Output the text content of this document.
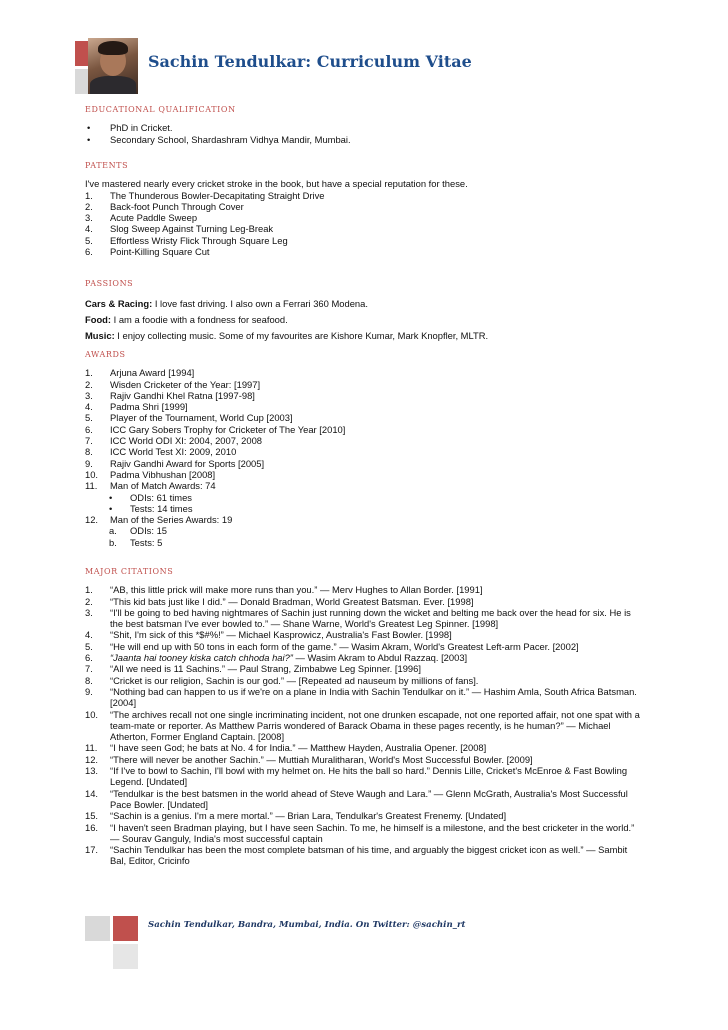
Sachin Tendulkar: Curriculum Vitae
EDUCATIONAL QUALIFICATION
• PhD in Cricket.
• Secondary School, Shardashram Vidhya Mandir, Mumbai.
PATENTS
I've mastered nearly every cricket stroke in the book, but have a special reputation for these.
1. The Thunderous Bowler-Decapitating Straight Drive
2. Back-foot Punch Through Cover
3. Acute Paddle Sweep
4. Slog Sweep Against Turning Leg-Break
5. Effortless Wristy Flick Through Square Leg
6. Point-Killing Square Cut
PASSIONS
Cars & Racing: I love fast driving. I also own a Ferrari 360 Modena.
Food: I am a foodie with a fondness for seafood.
Music: I enjoy collecting music. Some of my favourites are Kishore Kumar, Mark Knopfler, MLTR.
AWARDS
1. Arjuna Award [1994]
2. Wisden Cricketer of the Year: [1997]
3. Rajiv Gandhi Khel Ratna [1997-98]
4. Padma Shri [1999]
5. Player of the Tournament, World Cup [2003]
6. ICC Gary Sobers Trophy for Cricketer of The Year [2010]
7. ICC World ODI XI: 2004, 2007, 2008
8. ICC World Test XI: 2009, 2010
9. Rajiv Gandhi Award for Sports [2005]
10. Padma Vibhushan [2008]
11. Man of Match Awards: 74
• ODIs: 61 times
• Tests: 14 times
12. Man of the Series Awards: 19
a. ODIs: 15
b. Tests: 5
MAJOR CITATIONS
1. “AB, this little prick will make more runs than you.” — Merv Hughes to Allan Border. [1991]
2. “This kid bats just like I did.” — Donald Bradman, World Greatest Batsman. Ever. [1998]
3. “I'll be going to bed having nightmares of Sachin just running down the wicket and belting me back over the head for six. He is the best batsman I've ever bowled to.” — Shane Warne, World's Greatest Leg Spinner. [1998]
4. “Shit, I'm sick of this *$#%!” — Michael Kasprowicz, Australia's Fast Bowler. [1998]
5. “He will end up with 50 tons in each form of the game.” — Wasim Akram, World's Greatest Left-arm Pacer. [2002]
6. “Jaanta hai tooney kiska catch chhoda hai?” — Wasim Akram to Abdul Razzaq. [2003]
7. “All we need is 11 Sachins.” — Paul Strang, Zimbabwe Leg Spinner. [1996]
8. “Cricket is our religion, Sachin is our god.” — [Repeated ad nauseum by millions of fans].
9. “Nothing bad can happen to us if we're on a plane in India with Sachin Tendulkar on it.” — Hashim Amla, South Africa Batsman. [2004]
10. “The archives recall not one single incriminating incident, not one drunken escapade, not one reported affair, not one spat with a team-mate or reporter. As Matthew Parris wondered of Barack Obama in these pages recently, is he human?” — Michael Atherton, Former England Captain. [2008]
11. “I have seen God; he bats at No. 4 for India.” — Matthew Hayden, Australia Opener. [2008]
12. “There will never be another Sachin.” — Muttiah Muralitharan, World's Most Successful Bowler. [2009]
13. “If I've to bowl to Sachin, I'll bowl with my helmet on. He hits the ball so hard.” Dennis Lille, Cricket's McEnroe & Fast Bowling Legend. [Undated]
14. “Tendulkar is the best batsmen in the world ahead of Steve Waugh and Lara.” — Glenn McGrath, Australia's Most Successful Pace Bowler. [Undated]
15. “Sachin is a genius. I'm a mere mortal.” — Brian Lara, Tendulkar's Greatest Frenemy. [Undated]
16. “I haven't seen Bradman playing, but I have seen Sachin. To me, he himself is a milestone, and the best cricketer in the world.” — Sourav Ganguly, India's most successful captain
17. “Sachin Tendulkar has been the most complete batsman of his time, and arguably the biggest cricket icon as well.” — Sambit Bal, Editor, Cricinfo
Sachin Tendulkar, Bandra, Mumbai, India. On Twitter: @sachin_rt
